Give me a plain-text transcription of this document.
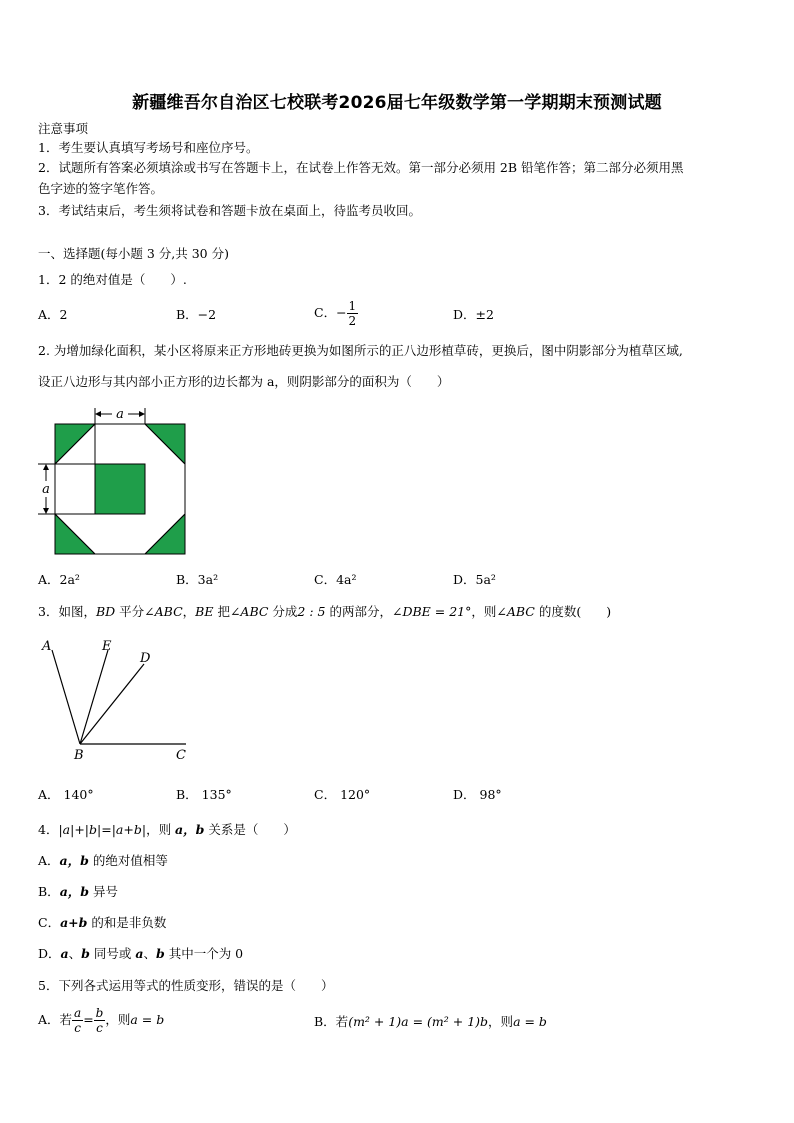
新疆维吾尔自治区七校联考2026届七年级数学第一学期期末预测试题
注意事项
1．考生要认真填写考场号和座位序号。
2．试题所有答案必须填涂或书写在答题卡上，在试卷上作答无效。第一部分必须用 2B 铅笔作答；第二部分必须用黑
色字迹的签字笔作答。
3．考试结束后，考生须将试卷和答题卡放在桌面上，待监考员收回。
一、选择题(每小题 3 分,共 30 分)
1．2 的绝对值是（　　）.
A．2	B．−2	C．− $\frac{1}{2}$	D．±2
2. 为增加绿化面积，某小区将原来正方形地砖更换为如图所示的正八边形植草砖，更换后，图中阴影部分为植草区域,
设正八边形与其内部小正方形的边长都为 a，则阴影部分的面积为（　　）
a
a
A．2a²	B．3a²	C．4a²	D．5a²
3．如图，BD 平分∠ABC，BE 把∠ABC 分成2 : 5 的两部分，∠DBE = 21°，则∠ABC 的度数(　　)
A	E
D
B	C
A． 140°	B． 135°	C． 120°	D． 98°
4．|a|+|b|=|a+b|，则 a，b 关系是（　　）
A．a，b 的绝对值相等
B．a，b 异号
C．a+b 的和是非负数
D．a、b 同号或 a、b 其中一个为 0
5．下列各式运用等式的性质变形，错误的是（　　）
A．若 $\frac{a}{c} = \frac{b}{c}$ ，则a = b	B．若(m² + 1)a = (m² + 1)b，则a = b
